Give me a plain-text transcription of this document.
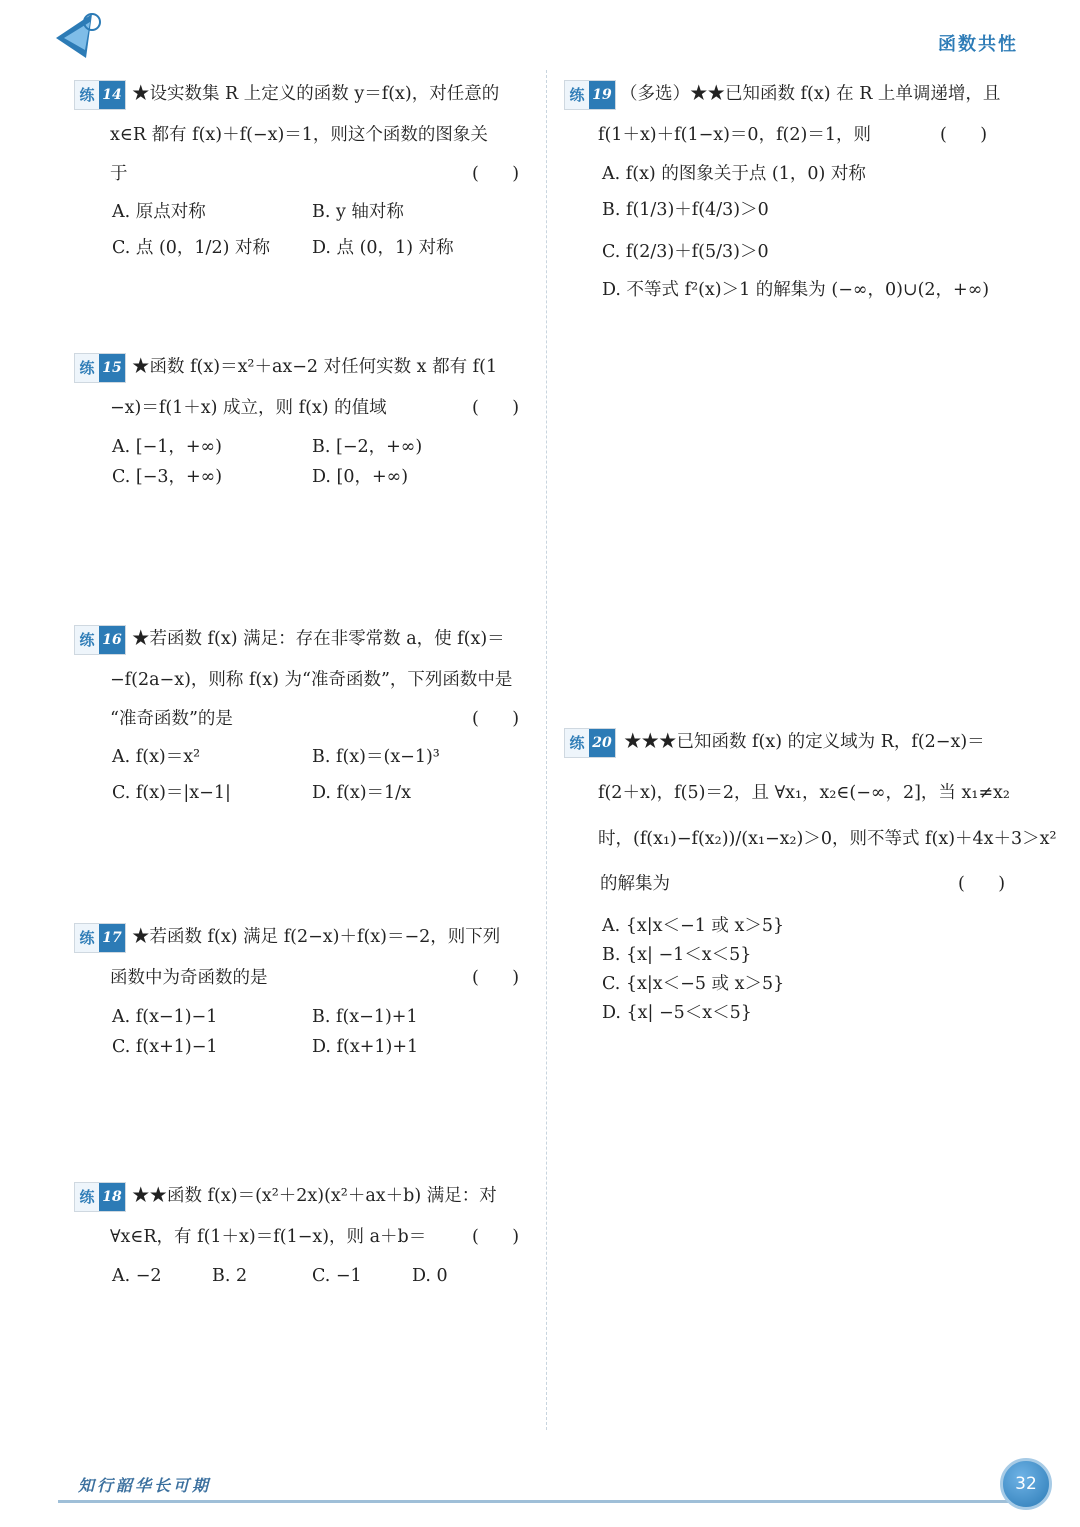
函数共性
练 14 ★设实数集 R 上定义的函数 y＝f(x)，对任意的
x∈R 都有 f(x)＋f(−x)＝1，则这个函数的图象关
于	(      )
A. 原点对称	B. y 轴对称
C. 点 (0，1/2) 对称 D. 点 (0，1) 对称
练 15 ★函数 f(x)＝x²＋ax−2 对任何实数 x 都有 f(1
−x)＝f(1＋x) 成立，则 f(x) 的值域	(      )
A. [−1，+∞)	B. [−2，+∞)
C. [−3，+∞)	D. [0，+∞)
练 16 ★若函数 f(x) 满足：存在非零常数 a，使 f(x)＝
−f(2a−x)，则称 f(x) 为“准奇函数”，下列函数中是
“准奇函数”的是	(      )
A. f(x)＝x²	B. f(x)＝(x−1)³
C. f(x)＝|x−1|	D. f(x)＝1/x
练 17 ★若函数 f(x) 满足 f(2−x)＋f(x)＝−2，则下列
函数中为奇函数的是	(      )
A. f(x−1)−1	B. f(x−1)+1
C. f(x+1)−1	D. f(x+1)+1
练 18 ★★函数 f(x)＝(x²＋2x)(x²＋ax＋b) 满足：对
∀x∈R，有 f(1＋x)＝f(1−x)，则 a＋b＝	(      )
A. −2	B. 2	C. −1	D. 0
练 19 （多选）★★已知函数 f(x) 在 R 上单调递增，且
f(1＋x)＋f(1−x)＝0，f(2)＝1，则	(      )
A. f(x) 的图象关于点 (1，0) 对称
B. f(1/3)＋f(4/3)＞0
C. f(2/3)＋f(5/3)＞0
D. 不等式 f²(x)＞1 的解集为 (−∞，0)∪(2，+∞)
练 20 ★★★已知函数 f(x) 的定义域为 R，f(2−x)＝
f(2＋x)，f(5)＝2，且 ∀x₁，x₂∈(−∞，2]，当 x₁≠x₂
时，(f(x₁)−f(x₂))/(x₁−x₂)＞0，则不等式 f(x)＋4x＋3＞x²
的解集为	(      )
A. {x|x＜−1 或 x＞5}
B. {x| −1＜x＜5}
C. {x|x＜−5 或 x＞5}
D. {x| −5＜x＜5}
知行韶华长可期	32
